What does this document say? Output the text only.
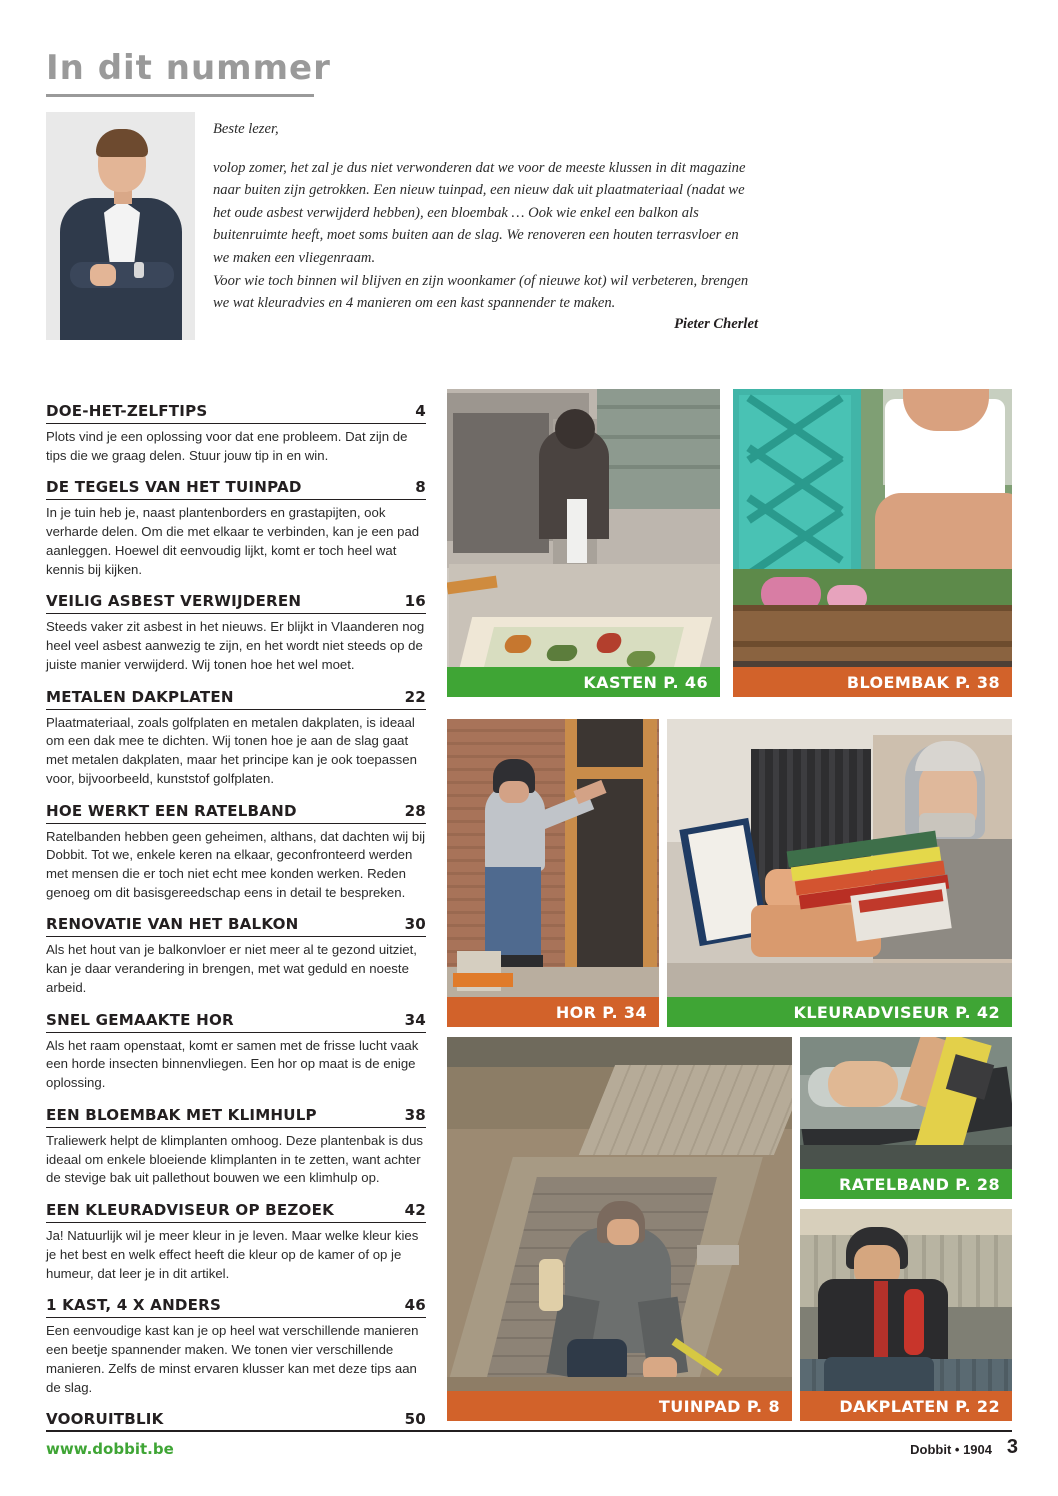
In dit nummer

Beste lezer,

volop zomer, het zal je dus niet verwonderen dat we voor de meeste klussen in dit magazine naar buiten zijn getrokken. Een nieuw tuinpad, een nieuw dak uit plaatmateriaal (nadat we het oude asbest verwijderd hebben), een bloembak … Ook wie enkel een balkon als buitenruimte heeft, moet soms buiten aan de slag. We renoveren een houten terrasvloer en we maken een vliegenraam.

Voor wie toch binnen wil blijven en zijn woonkamer (of nieuwe kot) wil verbeteren, brengen we wat kleuradvies en 4 manieren om een kast spannender te maken.

Pieter Cherlet
DOE-HET-ZELFTIPS	4
Plots vind je een oplossing voor dat ene probleem. Dat zijn de tips die we graag delen. Stuur jouw tip in en win.
DE TEGELS VAN HET TUINPAD	8
In je tuin heb je, naast plantenborders en grastapijten, ook verharde delen. Om die met elkaar te verbinden, kan je een pad aanleggen. Hoewel dit eenvoudig lijkt, komt er toch heel wat kennis bij kijken.
VEILIG ASBEST VERWIJDEREN	16
Steeds vaker zit asbest in het nieuws. Er blijkt in Vlaanderen nog heel veel asbest aanwezig te zijn, en het wordt niet steeds op de juiste manier verwijderd. Wij tonen hoe het wel moet.
METALEN DAKPLATEN	22
Plaatmateriaal, zoals golfplaten en metalen dakplaten, is ideaal om een dak mee te dichten. Wij tonen hoe je aan de slag gaat met metalen dakplaten, maar het principe kan je ook toepassen voor, bijvoorbeeld, kunststof golfplaten.
HOE WERKT EEN RATELBAND	28
Ratelbanden hebben geen geheimen, althans, dat dachten wij bij Dobbit. Tot we, enkele keren na elkaar, geconfronteerd werden met mensen die er toch niet echt mee konden werken. Reden genoeg om dit basisgereedschap eens in detail te bespreken.
RENOVATIE VAN HET BALKON	30
Als het hout van je balkonvloer er niet meer al te gezond uitziet, kan je daar verandering in brengen, met wat geduld en noeste arbeid.
SNEL GEMAAKTE HOR	34
Als het raam openstaat, komt er samen met de frisse lucht vaak een horde insecten binnenvliegen. Een hor op maat is de enige oplossing.
EEN BLOEMBAK MET KLIMHULP	38
Traliewerk helpt de klimplanten omhoog. Deze plantenbak is dus ideaal om enkele bloeiende klimplanten in te zetten, want achter de stevige bak uit pallethout bouwen we een klimhulp op.
EEN KLEURADVISEUR OP BEZOEK	42
Ja! Natuurlijk wil je meer kleur in je leven. Maar welke kleur kies je het best en welk effect heeft die kleur op de kamer of op je humeur, dat leer je in dit artikel.
1 KAST, 4 X ANDERS	46
Een eenvoudige kast kan je op heel wat verschillende manieren een beetje spannender maken. We tonen vier verschillende manieren. Zelfs de minst ervaren klusser kan met deze tips aan de slag.
VOORUITBLIK	50
KASTEN P. 46	BLOEMBAK P. 38
HOR P. 34	KLEURADVISEUR P. 42
RATELBAND P. 28
TUINPAD P. 8	DAKPLATEN P. 22
www.dobbit.be	Dobbit • 1904 3
